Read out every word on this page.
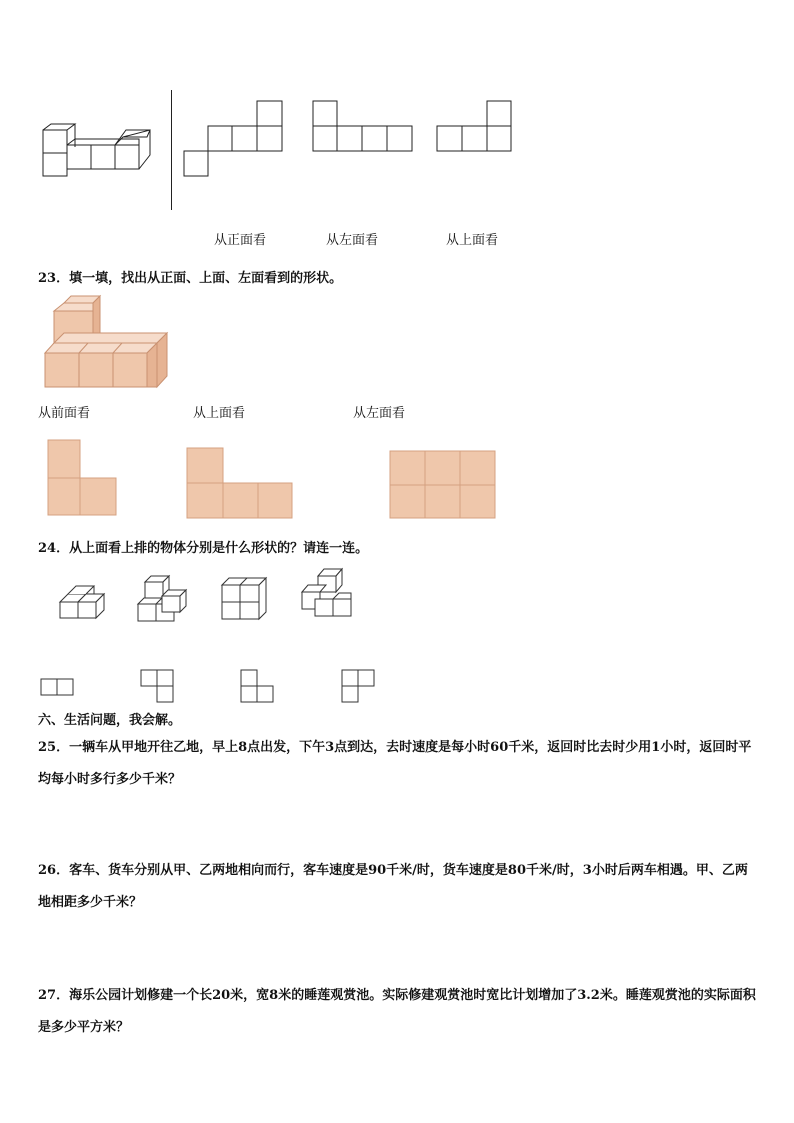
从正面看	从左面看	从上面看
23．填一填，找出从正面、上面、左面看到的形状。
从前面看	从上面看	从左面看
24．从上面看上排的物体分别是什么形状的？请连一连。
六、生活问题，我会解。
25．一辆车从甲地开往乙地，早上8点出发，下午3点到达，去时速度是每小时60千米，返回时比去时少用1小时，返回时平均每小时多行多少千米？
26．客车、货车分别从甲、乙两地相向而行，客车速度是90千米/时，货车速度是80千米/时，3小时后两车相遇。甲、乙两地相距多少千米？
27．海乐公园计划修建一个长20米，宽8米的睡莲观赏池。实际修建观赏池时宽比计划增加了3.2米。睡莲观赏池的实际面积是多少平方米？
